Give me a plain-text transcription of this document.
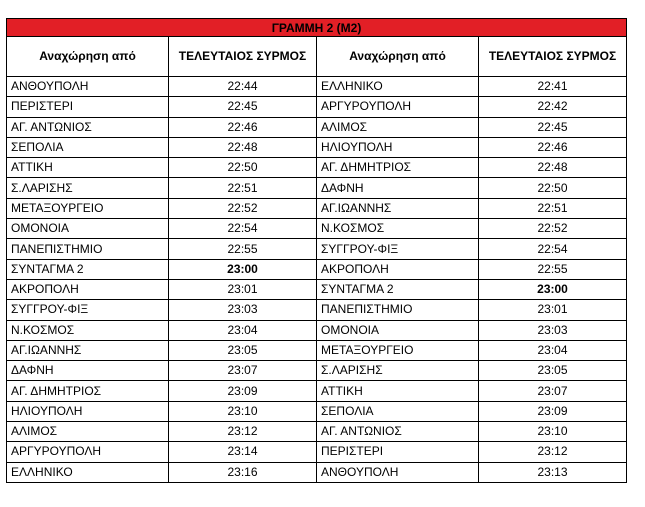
ΓΡΑΜΜΗ 2 (Μ2)			
Αναχώρηση από	ΤΕΛΕΥΤΑΙΟΣ ΣΥΡΜΟΣ	Αναχώρηση από	ΤΕΛΕΥΤΑΙΟΣ ΣΥΡΜΟΣ
ΑΝΘΟΥΠΟΛΗ	22:44	ΕΛΛΗΝΙΚΟ	22:41
ΠΕΡΙΣΤΕΡΙ	22:45	ΑΡΓΥΡΟΥΠΟΛΗ	22:42
ΑΓ. ΑΝΤΩΝΙΟΣ	22:46	ΑΛΙΜΟΣ	22:45
ΣΕΠΟΛΙΑ	22:48	ΗΛΙΟΥΠΟΛΗ	22:46
ΑΤΤΙΚΗ	22:50	ΑΓ. ΔΗΜΗΤΡΙΟΣ	22:48
Σ.ΛΑΡΙΣΗΣ	22:51	ΔΑΦΝΗ	22:50
ΜΕΤΑΞΟΥΡΓΕΙΟ	22:52	ΑΓ.ΙΩΑΝΝΗΣ	22:51
ΟΜΟΝΟΙΑ	22:54	Ν.ΚΟΣΜΟΣ	22:52
ΠΑΝΕΠΙΣΤΗΜΙΟ	22:55	ΣΥΓΓΡΟΥ-ΦΙΞ	22:54
ΣΥΝΤΑΓΜΑ 2	23:00	ΑΚΡΟΠΟΛΗ	22:55
ΑΚΡΟΠΟΛΗ	23:01	ΣΥΝΤΑΓΜΑ 2	23:00
ΣΥΓΓΡΟΥ-ΦΙΞ	23:03	ΠΑΝΕΠΙΣΤΗΜΙΟ	23:01
Ν.ΚΟΣΜΟΣ	23:04	ΟΜΟΝΟΙΑ	23:03
ΑΓ.ΙΩΑΝΝΗΣ	23:05	ΜΕΤΑΞΟΥΡΓΕΙΟ	23:04
ΔΑΦΝΗ	23:07	Σ.ΛΑΡΙΣΗΣ	23:05
ΑΓ. ΔΗΜΗΤΡΙΟΣ	23:09	ΑΤΤΙΚΗ	23:07
ΗΛΙΟΥΠΟΛΗ	23:10	ΣΕΠΟΛΙΑ	23:09
ΑΛΙΜΟΣ	23:12	ΑΓ. ΑΝΤΩΝΙΟΣ	23:10
ΑΡΓΥΡΟΥΠΟΛΗ	23:14	ΠΕΡΙΣΤΕΡΙ	23:12
ΕΛΛΗΝΙΚΟ	23:16	ΑΝΘΟΥΠΟΛΗ	23:13
